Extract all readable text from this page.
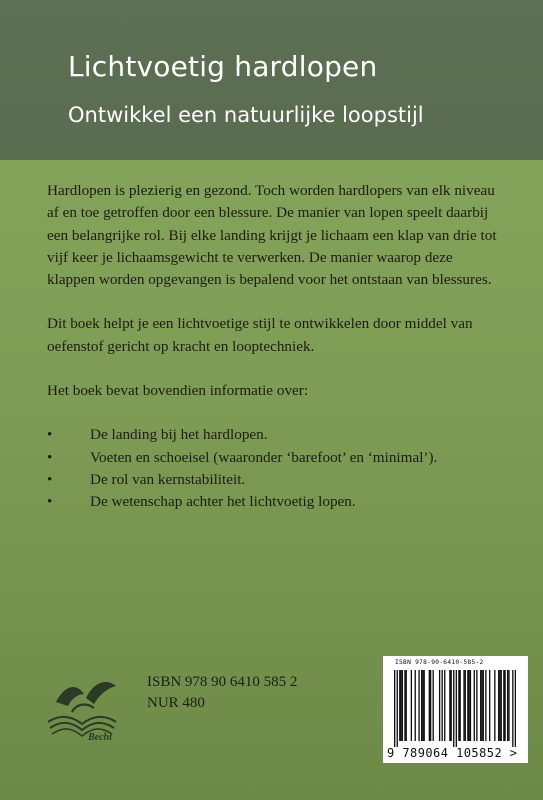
Lichtvoetig hardlopen
Ontwikkel een natuurlijke loopstijl

Hardlopen is plezierig en gezond. Toch worden hardlopers van elk niveau af en toe getroffen door een blessure. De manier van lopen speelt daarbij een belangrijke rol. Bij elke landing krijgt je lichaam een klap van drie tot vijf keer je lichaamsgewicht te verwerken. De manier waarop deze klappen worden opgevangen is bepalend voor het ontstaan van blessures.

Dit boek helpt je een lichtvoetige stijl te ontwikkelen door middel van oefenstof gericht op kracht en looptechniek.

Het boek bevat bovendien informatie over:

• De landing bij het hardlopen.
• Voeten en schoeisel (waaronder ‘barefoot’ en ‘minimal’).
• De rol van kernstabiliteit.
• De wetenschap achter het lichtvoetig lopen.
Becht
ISBN 978 90 6410 585 2
NUR 480
ISBN 978-90-6410-585-2
9 789064 105852 >
